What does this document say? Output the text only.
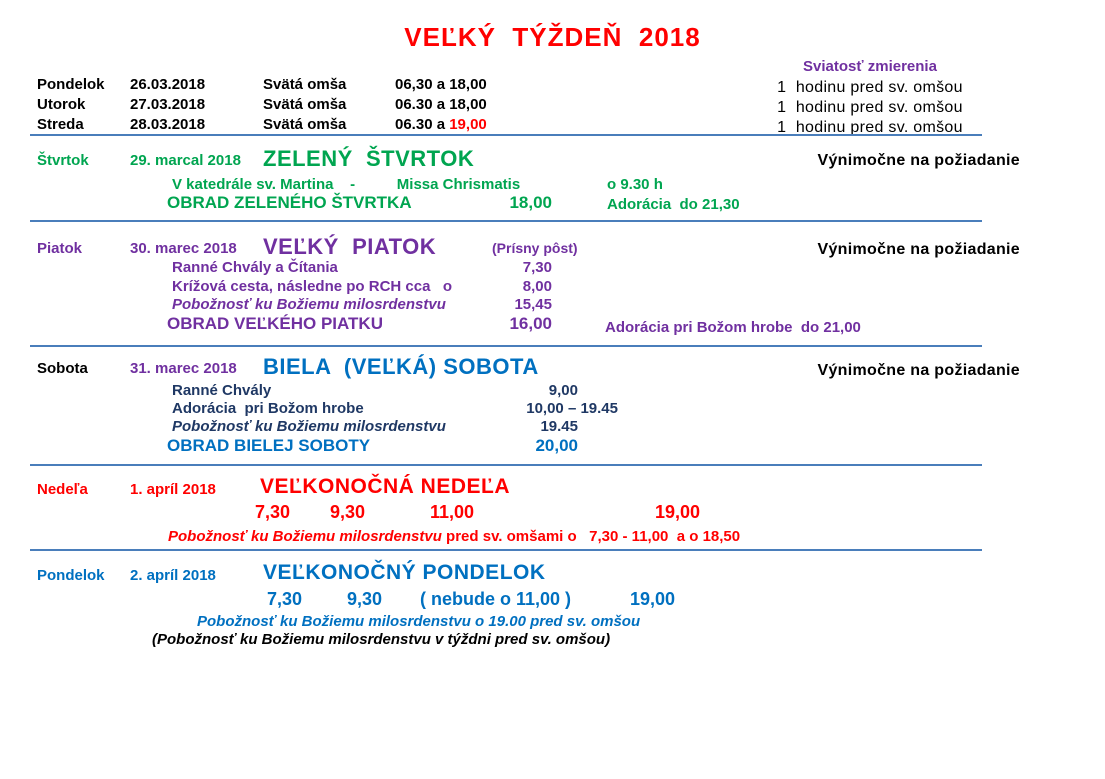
VEĽKÝ  TÝŽDEŇ  2018
Sviatosť zmierenia
Pondelok 26.03.2018	Svätá omša	06,30 a 18,00	1  hodinu pred sv. omšou
Utorok	27.03.2018	Svätá omša	06.30 a 18,00	1  hodinu pred sv. omšou
Streda	28.03.2018	Svätá omša	06.30 a 19,00	1  hodinu pred sv. omšou
Štvrtok	29. marcal 2018 ZELENÝ  ŠTVRTOK	Výnimočne na požiadanie
V katedrále sv. Martina    -          Missa Chrismatis	o 9.30 h
OBRAD ZELENÉHO ŠTVRTKA	18,00	Adorácia  do 21,30
Piatok	30. marec 2018 VEĽKÝ  PIATOK	(Prísny pôst)	Výnimočne na požiadanie
Ranné Chvály a Čítania	7,30
Krížová cesta, následne po RCH cca   o	8,00
Pobožnosť ku Božiemu milosrdenstvu	15,45
OBRAD VEĽKÉHO PIATKU	16,00	Adorácia pri Božom hrobe  do 21,00
Sobota	31. marec 2018 BIELA  (VEĽKÁ) SOBOTA	Výnimočne na požiadanie
Ranné Chvály	9,00
Adorácia  pri Božom hrobe	10,00 – 19.45
Pobožnosť ku Božiemu milosrdenstvu	19.45
OBRAD BIELEJ SOBOTY	20,00
Nedeľa	1. apríl 2018 VEĽKONOČNÁ NEDEĽA
7,30 9,30	11,00	19,00
Pobožnosť ku Božiemu milosrdenstvu pred sv. omšami o   7,30 - 11,00  a o 18,50
Pondelok 2. apríl 2018 VEĽKONOČNÝ PONDELOK
7,30 9,30 ( nebude o 11,00 )	19,00
Pobožnosť ku Božiemu milosrdenstvu o 19.00 pred sv. omšou
(Pobožnosť ku Božiemu milosrdenstvu v týždni pred sv. omšou)
